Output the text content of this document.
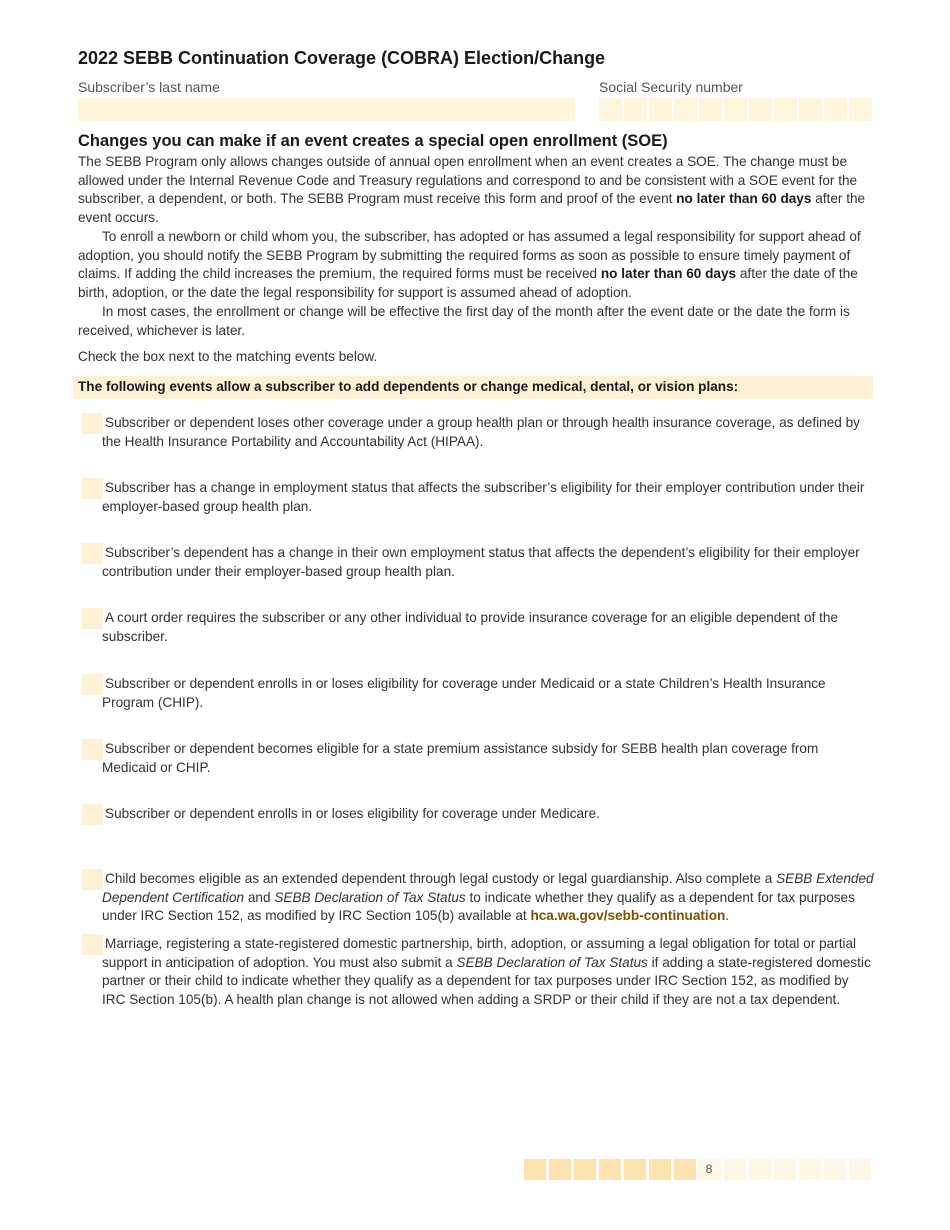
2022 SEBB Continuation Coverage (COBRA) Election/Change
Subscriber’s last name	Social Security number
Changes you can make if an event creates a special open enrollment (SOE)

The SEBB Program only allows changes outside of annual open enrollment when an event creates a SOE. The change must be allowed under the Internal Revenue Code and Treasury regulations and correspond to and be consistent with a SOE event for the subscriber, a dependent, or both. The SEBB Program must receive this form and proof of the event no later than 60 days after the event occurs.

To enroll a newborn or child whom you, the subscriber, has adopted or has assumed a legal responsibility for support ahead of adoption, you should notify the SEBB Program by submitting the required forms as soon as possible to ensure timely payment of claims. If adding the child increases the premium, the required forms must be received no later than 60 days after the date of the birth, adoption, or the date the legal responsibility for support is assumed ahead of adoption.

In most cases, the enrollment or change will be effective the first day of the month after the event date or the date the form is received, whichever is later.

Check the box next to the matching events below.

The following events allow a subscriber to add dependents or change medical, dental, or vision plans:

Subscriber or dependent loses other coverage under a group health plan or through health insurance coverage, as defined by the Health Insurance Portability and Accountability Act (HIPAA).

Subscriber has a change in employment status that affects the subscriber’s eligibility for their employer contribution under their employer-based group health plan.

Subscriber’s dependent has a change in their own employment status that affects the dependent’s eligibility for their employer contribution under their employer-based group health plan.

A court order requires the subscriber or any other individual to provide insurance coverage for an eligible dependent of the subscriber.

Subscriber or dependent enrolls in or loses eligibility for coverage under Medicaid or a state Children’s Health Insurance Program (CHIP).

Subscriber or dependent becomes eligible for a state premium assistance subsidy for SEBB health plan coverage from Medicaid or CHIP.

Subscriber or dependent enrolls in or loses eligibility for coverage under Medicare.

Child becomes eligible as an extended dependent through legal custody or legal guardianship. Also complete a SEBB Extended Dependent Certification and SEBB Declaration of Tax Status to indicate whether they qualify as a dependent for tax purposes under IRC Section 152, as modified by IRC Section 105(b) available at hca.wa.gov/sebb-continuation.

Marriage, registering a state-registered domestic partnership, birth, adoption, or assuming a legal obligation for total or partial support in anticipation of adoption. You must also submit a SEBB Declaration of Tax Status if adding a state-registered domestic partner or their child to indicate whether they qualify as a dependent for tax purposes under IRC Section 152, as modified by IRC Section 105(b). A health plan change is not allowed when adding a SRDP or their child if they are not a tax dependent.

8
